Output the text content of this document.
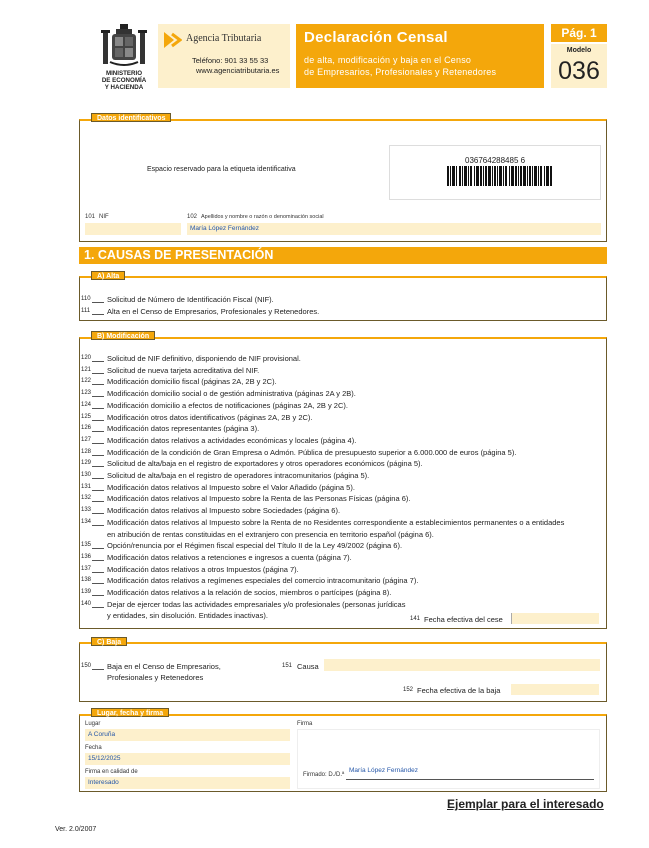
MINISTERIO
DE ECONOMÍA
Y HACIENDA
Agencia Tributaria
Teléfono: 901 33 55 33
www.agenciatributaria.es
Declaración Censal
de alta, modificación y baja en el Censo
de Empresarios, Profesionales y Retenedores
Pág. 1
Modelo
036
Datos identificativos
Espacio reservado para la etiqueta identificativa
036764288485 6
101 NIF	102 Apellidos y nombre o razón o denominación social
María López Fernández
1. CAUSAS DE PRESENTACIÓN
A) Alta
110	Solicitud de Número de Identificación Fiscal (NIF).
111	Alta en el Censo de Empresarios, Profesionales y Retenedores.
B) Modificación
120 Solicitud de NIF definitivo, disponiendo de NIF provisional.
121 Solicitud de nueva tarjeta acreditativa del NIF.
122 Modificación domicilio fiscal (páginas 2A, 2B y 2C).
123 Modificación domicilio social o de gestión administrativa (páginas 2A y 2B).
124 Modificación domicilio a efectos de notificaciones (páginas 2A, 2B y 2C).
125 Modificación otros datos identificativos (páginas 2A, 2B y 2C).
126 Modificación datos representantes (página 3).
127 Modificación datos relativos a actividades económicas y locales (página 4).
128 Modificación de la condición de Gran Empresa o Admón. Pública de presupuesto superior a 6.000.000 de euros (página 5).
129 Solicitud de alta/baja en el registro de exportadores y otros operadores económicos (página 5).
130 Solicitud de alta/baja en el registro de operadores intracomunitarios (página 5).
131 Modificación datos relativos al Impuesto sobre el Valor Añadido (página 5).
132 Modificación datos relativos al Impuesto sobre la Renta de las Personas Físicas (página 6).
133 Modificación datos relativos al Impuesto sobre Sociedades (página 6).
134 Modificación datos relativos al Impuesto sobre la Renta de no Residentes correspondiente a establecimientos permanentes o a entidades
en atribución de rentas constituidas en el extranjero con presencia en territorio español (página 6).
135 Opción/renuncia por el Régimen fiscal especial del Título II de la Ley 49/2002 (página 6).
136 Modificación datos relativos a retenciones e ingresos a cuenta (página 7).
137 Modificación datos relativos a otros Impuestos (página 7).
138 Modificación datos relativos a regímenes especiales del comercio intracomunitario (página 7).
139 Modificación datos relativos a la relación de socios, miembros o partícipes (página 8).
140 Dejar de ejercer todas las actividades empresariales y/o profesionales (personas jurídicas
y entidades, sin disolución. Entidades inactivas).	141 Fecha efectiva del cese
C) Baja
150 Baja en el Censo de Empresarios,
Profesionales y Retenedores
151 Causa
152 Fecha efectiva de la baja
Lugar, fecha y firma
Lugar
A Coruña
Fecha
15/12/2025
Firma en calidad de
Interesado
Firma
Firmado: D./D.ª
María López Fernández
Ejemplar para el interesado
Ver. 2.0/2007
